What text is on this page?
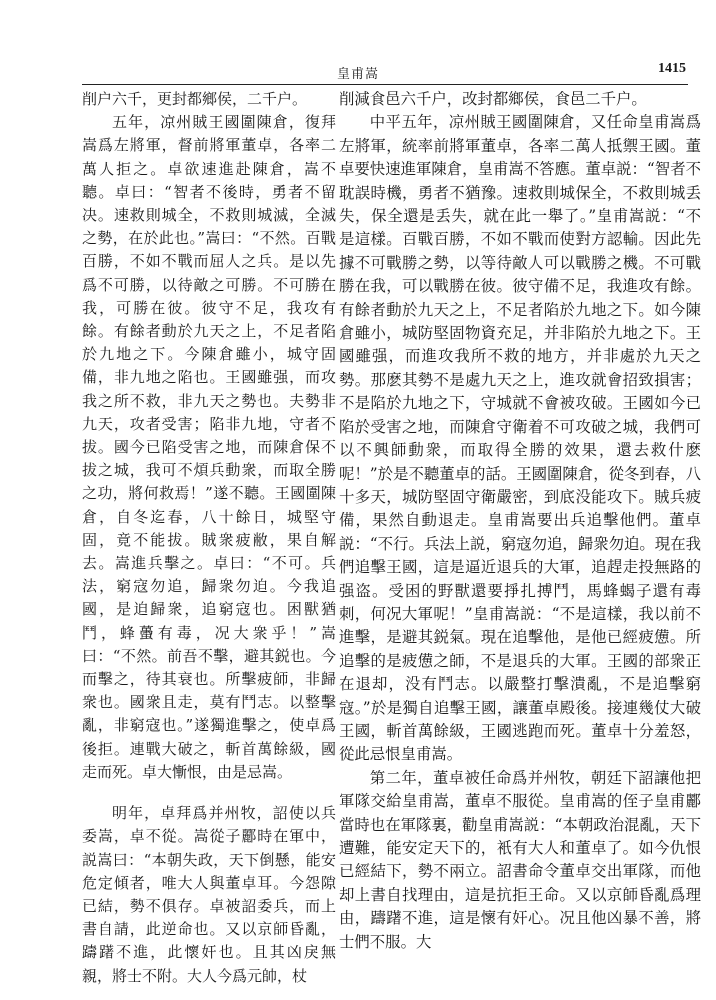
皇甫嵩	1415

削户六千，更封都鄉侯，二千户。

五年，凉州賊王國圍陳倉，復拜嵩爲左將軍，督前將軍董卓，各率二萬人拒之。卓欲速進赴陳倉，嵩不聽。卓曰：“智者不後時，勇者不留决。速救則城全，不救則城滅，全滅之勢，在於此也。”嵩曰：“不然。百戰百勝，不如不戰而屈人之兵。是以先爲不可勝，以待敵之可勝。不可勝在我，可勝在彼。彼守不足，我攻有餘。有餘者動於九天之上，不足者陷於九地之下。今陳倉雖小，城守固備，非九地之陷也。王國雖强，而攻我之所不救，非九天之勢也。夫勢非九天，攻者受害；陷非九地，守者不拔。國今已陷受害之地，而陳倉保不拔之城，我可不煩兵動衆，而取全勝之功，將何救焉！”遂不聽。王國圍陳倉，自冬迄春，八十餘日，城堅守固，竟不能拔。賊衆疲敝，果自解去。嵩進兵擊之。卓曰：“不可。兵法，窮寇勿追，歸衆勿迫。今我追國，是迫歸衆，追窮寇也。困獸猶鬥，蜂蠆有毒，况大衆乎！”嵩曰：“不然。前吾不擊，避其鋭也。今而擊之，待其衰也。所擊疲師，非歸衆也。國衆且走，莫有鬥志。以整擊亂，非窮寇也。”遂獨進擊之，使卓爲後拒。連戰大破之，斬首萬餘級，國走而死。卓大慚恨，由是忌嵩。

明年，卓拜爲并州牧，詔使以兵委嵩，卓不從。嵩從子酈時在軍中，説嵩曰：“本朝失政，天下倒懸，能安危定傾者，唯大人與董卓耳。今怨隙已結，勢不俱存。卓被詔委兵，而上書自請，此逆命也。又以京師昏亂，躊躇不進，此懷奸也。且其凶戾無親，將士不附。大人今爲元帥，杖

削減食邑六千户，改封都鄉侯，食邑二千户。

中平五年，凉州賊王國圍陳倉，又任命皇甫嵩爲左將軍，統率前將軍董卓，各率二萬人抵禦王國。董卓要快速進軍陳倉，皇甫嵩不答應。董卓説：“智者不耽誤時機，勇者不猶豫。速救則城保全，不救則城丢失，保全還是丢失，就在此一舉了。”皇甫嵩説：“不是這樣。百戰百勝，不如不戰而使對方認輸。因此先據不可戰勝之勢，以等待敵人可以戰勝之機。不可戰勝在我，可以戰勝在彼。彼守備不足，我進攻有餘。有餘者動於九天之上，不足者陷於九地之下。如今陳倉雖小，城防堅固物資充足，并非陷於九地之下。王國雖强，而進攻我所不救的地方，并非處於九天之勢。那麽其勢不是處九天之上，進攻就會招致損害；不是陷於九地之下，守城就不會被攻破。王國如今已陷於受害之地，而陳倉守衛着不可攻破之城，我們可以不興師動衆，而取得全勝的效果，還去救什麽呢！”於是不聽董卓的話。王國圍陳倉，從冬到春，八十多天，城防堅固守衛嚴密，到底没能攻下。賊兵疲備，果然自動退走。皇甫嵩要出兵追擊他們。董卓説：“不行。兵法上説，窮寇勿追，歸衆勿迫。現在我們追擊王國，這是逼近退兵的大軍，追趕走投無路的强盗。受困的野獸還要掙扎搏鬥，馬蜂蝎子還有毒刺，何况大軍呢！”皇甫嵩説：“不是這樣，我以前不進擊，是避其鋭氣。現在追擊他，是他已經疲憊。所追擊的是疲憊之師，不是退兵的大軍。王國的部衆正在退却，没有鬥志。以嚴整打擊潰亂，不是追擊窮寇。”於是獨自追擊王國，讓董卓殿後。接連幾仗大破王國，斬首萬餘級，王國逃跑而死。董卓十分羞怒，從此忌恨皇甫嵩。

第二年，董卓被任命爲并州牧，朝廷下詔讓他把軍隊交給皇甫嵩，董卓不服從。皇甫嵩的侄子皇甫酈當時也在軍隊裏，勸皇甫嵩説：“本朝政治混亂，天下遭難，能安定天下的，衹有大人和董卓了。如今仇恨已經結下，勢不兩立。詔書命令董卓交出軍隊，而他却上書自找理由，這是抗拒王命。又以京師昏亂爲理由，躊躇不進，這是懷有奸心。况且他凶暴不善，將士們不服。大
